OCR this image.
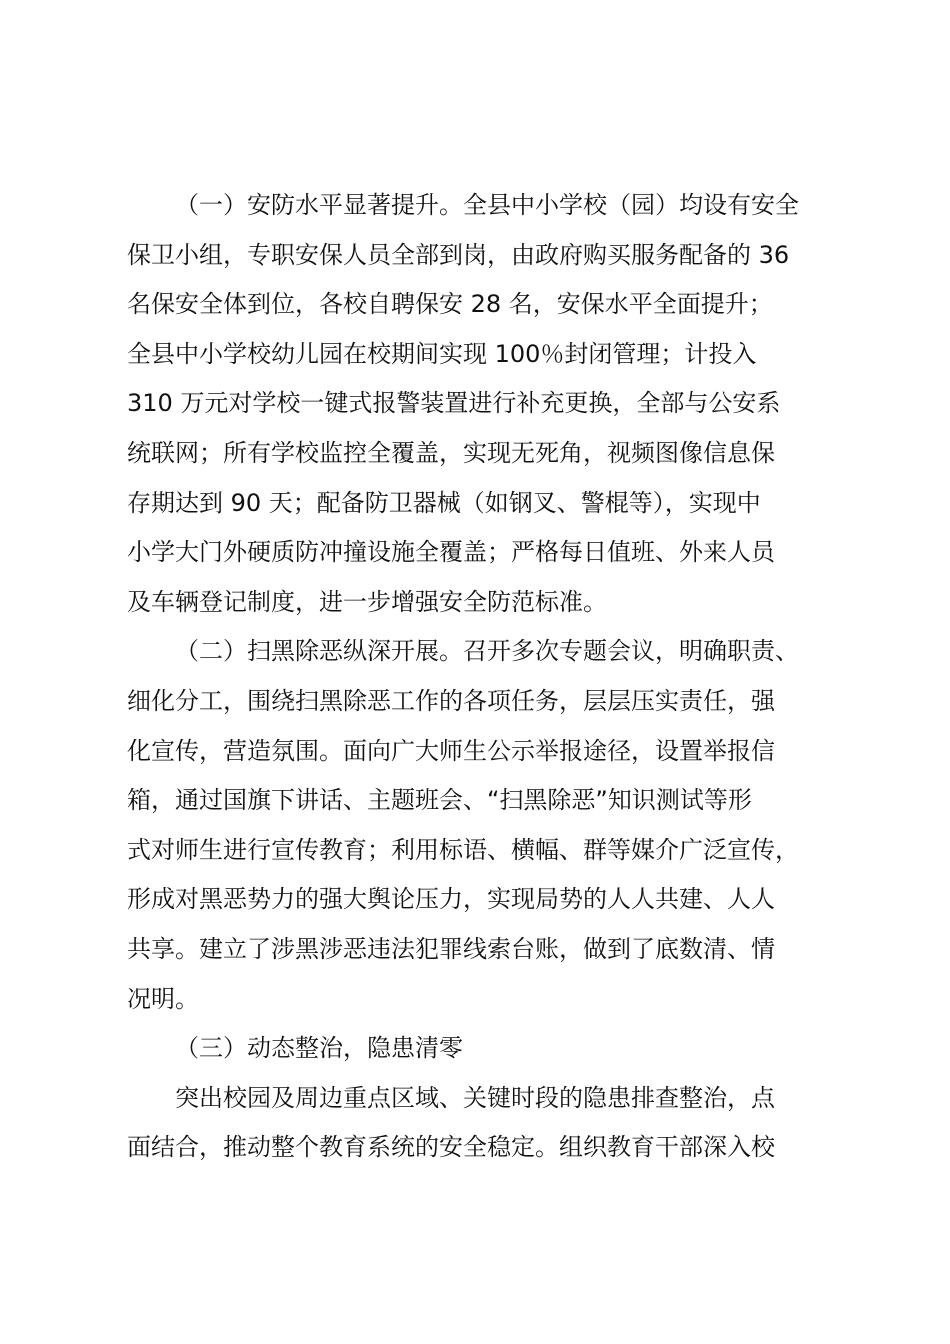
（一）安防水平显著提升。全县中小学校（园）均设有安全
保卫小组，专职安保人员全部到岗，由政府购买服务配备的 36
名保安全体到位，各校自聘保安 28 名，安保水平全面提升；
全县中小学校幼儿园在校期间实现 100％封闭管理；计投入
310 万元对学校一键式报警装置进行补充更换，全部与公安系
统联网；所有学校监控全覆盖，实现无死角，视频图像信息保
存期达到 90 天；配备防卫器械（如钢叉、警棍等），实现中
小学大门外硬质防冲撞设施全覆盖；严格每日值班、外来人员
及车辆登记制度，进一步增强安全防范标准。

（二）扫黑除恶纵深开展。召开多次专题会议，明确职责、
细化分工，围绕扫黑除恶工作的各项任务，层层压实责任，强
化宣传，营造氛围。面向广大师生公示举报途径，设置举报信
箱，通过国旗下讲话、主题班会、“扫黑除恶”知识测试等形
式对师生进行宣传教育；利用标语、横幅、群等媒介广泛宣传，
形成对黑恶势力的强大舆论压力，实现局势的人人共建、人人
共享。建立了涉黑涉恶违法犯罪线索台账，做到了底数清、情
况明。

（三）动态整治，隐患清零

突出校园及周边重点区域、关键时段的隐患排查整治，点
面结合，推动整个教育系统的安全稳定。组织教育干部深入校
